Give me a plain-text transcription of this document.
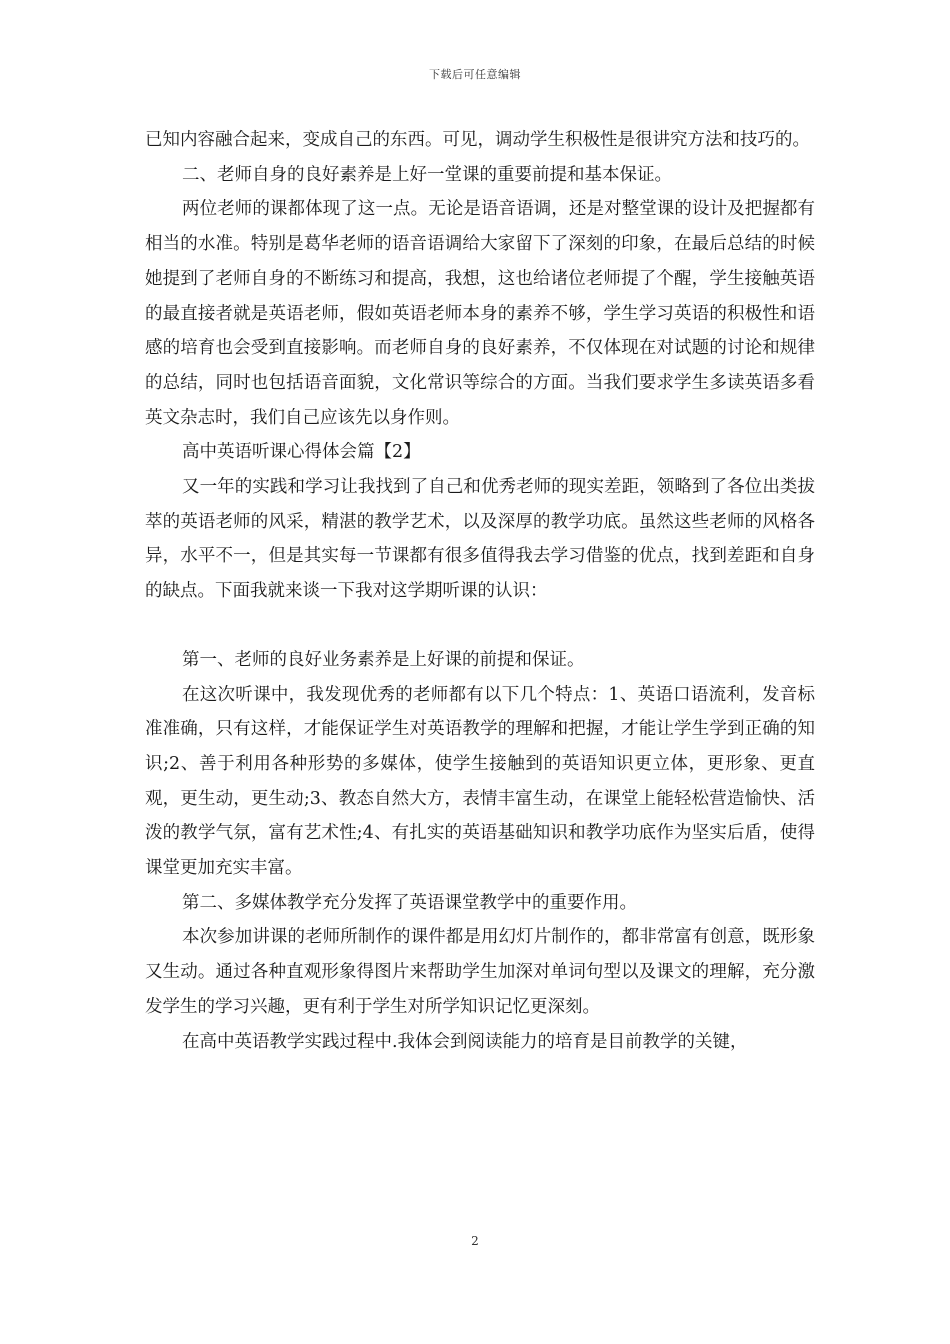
下载后可任意编辑

已知内容融合起来，变成自己的东西。可见，调动学生积极性是很讲究方法和技巧的。

二、老师自身的良好素养是上好一堂课的重要前提和基本保证。

两位老师的课都体现了这一点。无论是语音语调，还是对整堂课的设计及把握都有相当的水准。特别是葛华老师的语音语调给大家留下了深刻的印象，在最后总结的时候她提到了老师自身的不断练习和提高，我想，这也给诸位老师提了个醒，学生接触英语的最直接者就是英语老师，假如英语老师本身的素养不够，学生学习英语的积极性和语感的培育也会受到直接影响。而老师自身的良好素养，不仅体现在对试题的讨论和规律的总结，同时也包括语音面貌，文化常识等综合的方面。当我们要求学生多读英语多看英文杂志时，我们自己应该先以身作则。

高中英语听课心得体会篇【2】

又一年的实践和学习让我找到了自己和优秀老师的现实差距，领略到了各位出类拔萃的英语老师的风采，精湛的教学艺术，以及深厚的教学功底。虽然这些老师的风格各异，水平不一，但是其实每一节课都有很多值得我去学习借鉴的优点，找到差距和自身的缺点。下面我就来谈一下我对这学期听课的认识：

第一、老师的良好业务素养是上好课的前提和保证。

在这次听课中，我发现优秀的老师都有以下几个特点：1、英语口语流利，发音标准准确，只有这样，才能保证学生对英语教学的理解和把握，才能让学生学到正确的知识;2、善于利用各种形势的多媒体，使学生接触到的英语知识更立体，更形象、更直观，更生动，更生动;3、教态自然大方，表情丰富生动，在课堂上能轻松营造愉快、活泼的教学气氛，富有艺术性;4、有扎实的英语基础知识和教学功底作为坚实后盾，使得课堂更加充实丰富。

第二、多媒体教学充分发挥了英语课堂教学中的重要作用。

本次参加讲课的老师所制作的课件都是用幻灯片制作的，都非常富有创意，既形象又生动。通过各种直观形象得图片来帮助学生加深对单词句型以及课文的理解，充分激发学生的学习兴趣，更有利于学生对所学知识记忆更深刻。

在高中英语教学实践过程中.我体会到阅读能力的培育是目前教学的关键，

2
